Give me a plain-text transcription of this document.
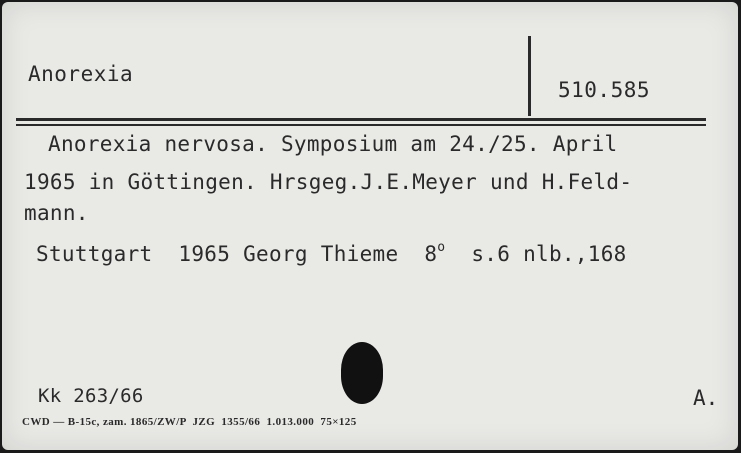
Anorexia
510.585
Anorexia nervosa. Symposium am 24./25. April
1965 in Göttingen. Hrsgeg.J.E.Meyer und H.Feld-
mann.
Stuttgart 1965 Georg Thieme 8$^o$ s.6 nlb.,168
Kk 263/66	A.
CWD — B-15c, zam. 1865/ZW/P  JZG  1355/66  1.013.000  75×125
